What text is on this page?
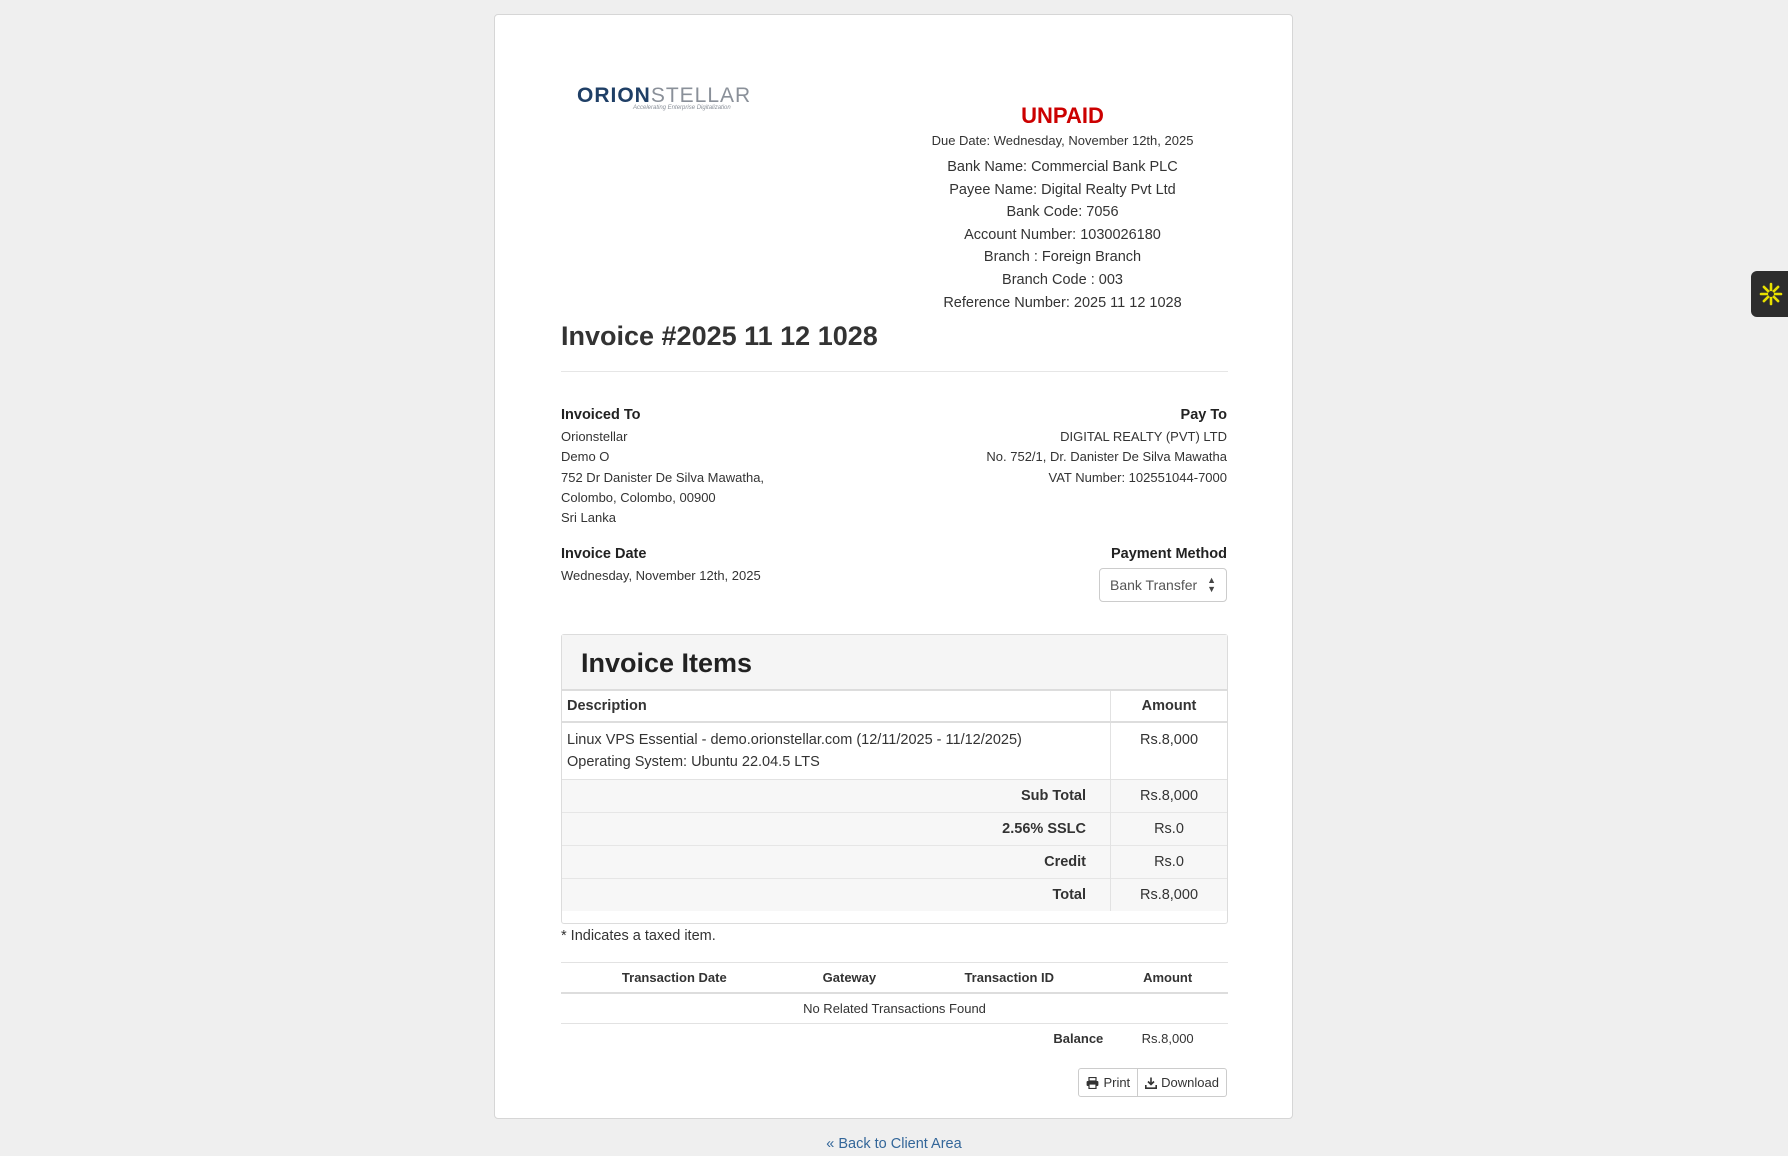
ORIONSTELLAR
Accelerating Enterprise Digitalization	UNPAID
Due Date: Wednesday, November 12th, 2025
Bank Name: Commercial Bank PLC
Payee Name: Digital Realty Pvt Ltd
Bank Code: 7056
Account Number: 1030026180
Branch : Foreign Branch
Branch Code : 003
Reference Number: 2025 11 12 1028
Invoice #2025 11 12 1028
Invoiced To
Orionstellar
Demo O
752 Dr Danister De Silva Mawatha,
Colombo, Colombo, 00900
Sri Lanka
Pay To
DIGITAL REALTY (PVT) LTD
No. 752/1, Dr. Danister De Silva Mawatha
VAT Number: 102551044-7000
Invoice Date
Wednesday, November 12th, 2025
Payment Method
Bank Transfer ▲
▼
Invoice Items
Description	Amount

Linux VPS Essential - demo.orionstellar.com (12/11/2025 - 11/12/2025)
Operating System: Ubuntu 22.04.5 LTS	Rs.8,000
Sub Total	Rs.8,000
2.56% SSLC	Rs.0
Credit	Rs.0
Total	Rs.8,000
* Indicates a taxed item.
Transaction Date	Gateway	Transaction ID	Amount
No Related Transactions Found			
Balance			Rs.8,000
Print Download
« Back to Client Area
